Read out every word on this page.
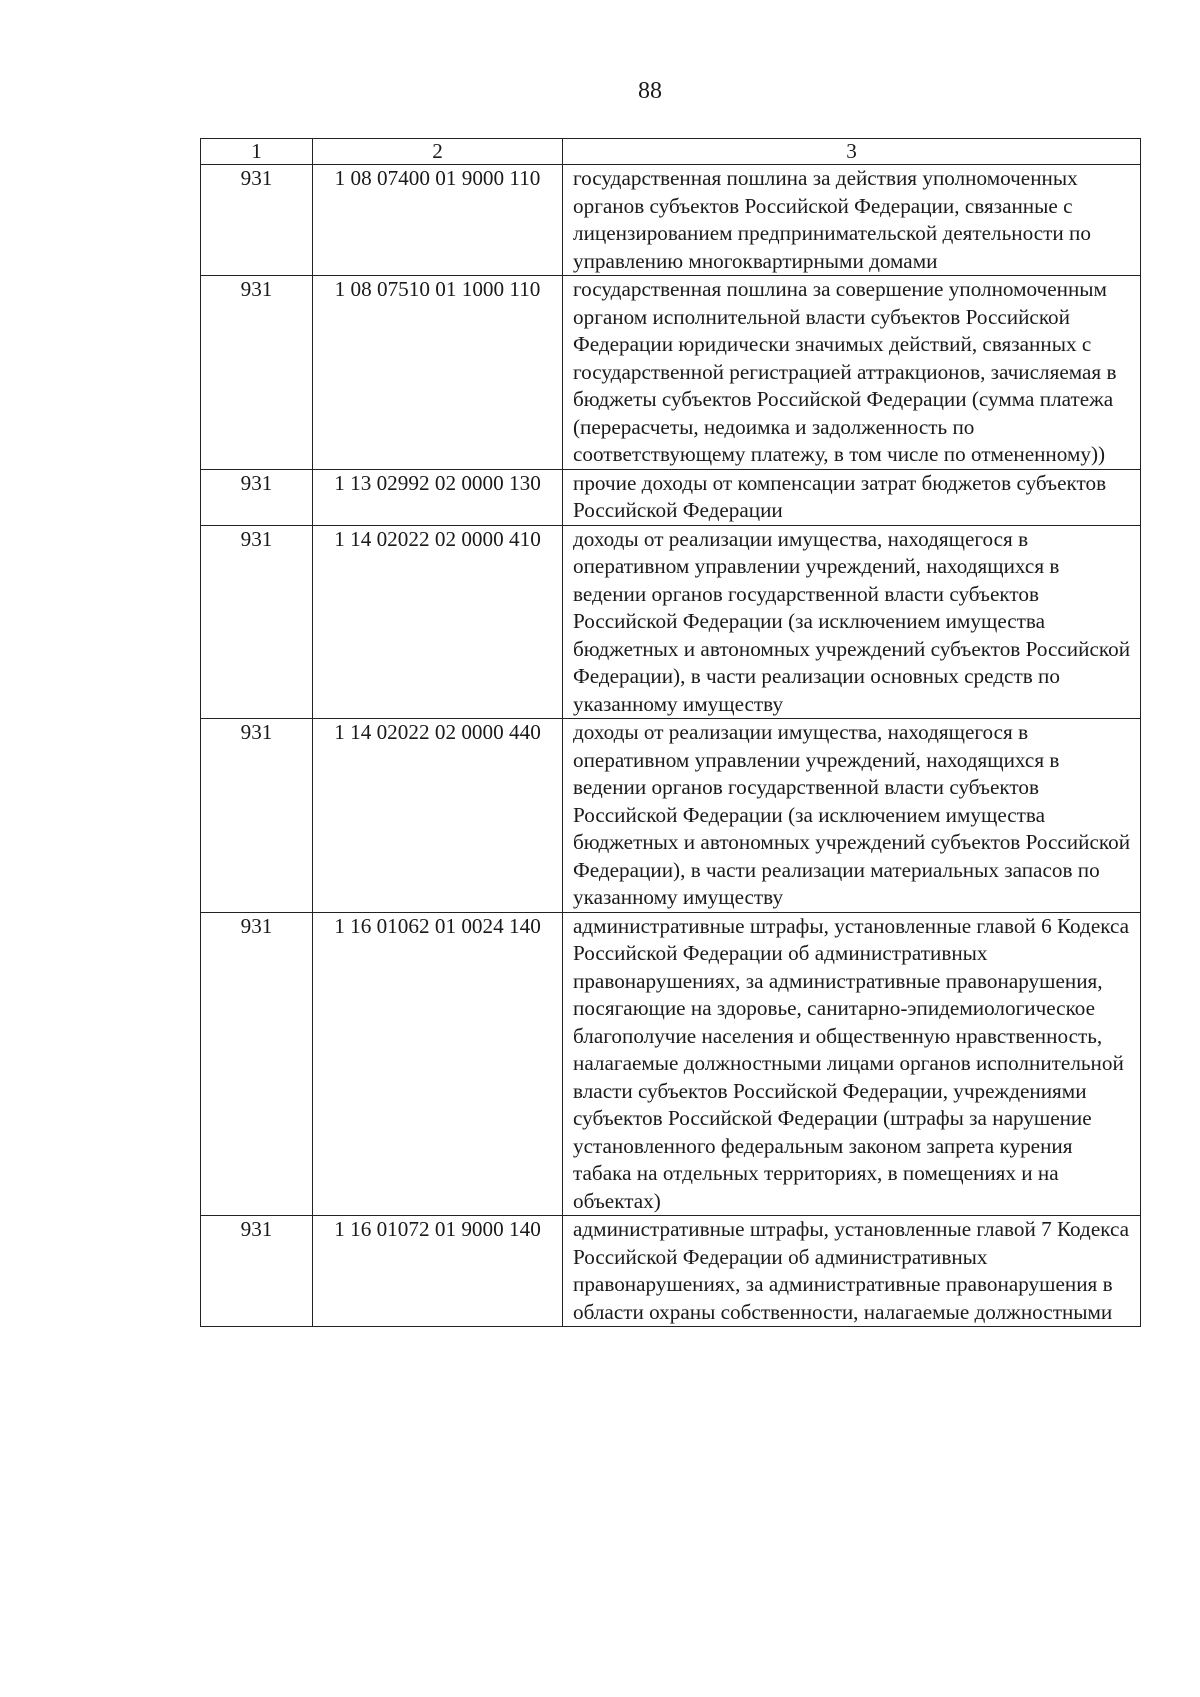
88
1	2	3
931	1 08 07400 01 9000 110	государственная пошлина за действия уполномоченных органов субъектов Российской Федерации, связанные с лицензированием предпринимательской деятельности по управлению многоквартирными домами
931	1 08 07510 01 1000 110	государственная пошлина за совершение уполномоченным органом исполнительной власти субъектов Российской Федерации юридически значимых действий, связанных с государственной регистрацией аттракционов, зачисляемая в бюджеты субъектов Российской Федерации (сумма платежа (перерасчеты, недоимка и задолженность по соответствующему платежу, в том числе по отмененному))
931	1 13 02992 02 0000 130	прочие доходы от компенсации затрат бюджетов субъектов Российской Федерации
931	1 14 02022 02 0000 410	доходы от реализации имущества, находящегося в оперативном управлении учреждений, находящихся в ведении органов государственной власти субъектов Российской Федерации (за исключением имущества бюджетных и автономных учреждений субъектов Российской Федерации), в части реализации основных средств по указанному имуществу
931	1 14 02022 02 0000 440	доходы от реализации имущества, находящегося в оперативном управлении учреждений, находящихся в ведении органов государственной власти субъектов Российской Федерации (за исключением имущества бюджетных и автономных учреждений субъектов Российской Федерации), в части реализации материальных запасов по указанному имуществу
931	1 16 01062 01 0024 140	административные штрафы, установленные главой 6 Кодекса Российской Федерации об административных правонарушениях, за административные правонарушения, посягающие на здоровье, санитарно-эпидемиологическое благополучие населения и общественную нравственность, налагаемые должностными лицами органов исполнительной власти субъектов Российской Федерации, учреждениями субъектов Российской Федерации (штрафы за нарушение установленного федеральным законом запрета курения табака на отдельных территориях, в помещениях и на объектах)
931	1 16 01072 01 9000 140	административные штрафы, установленные главой 7 Кодекса Российской Федерации об административных правонарушениях, за административные правонарушения в области охраны собственности, налагаемые должностными
